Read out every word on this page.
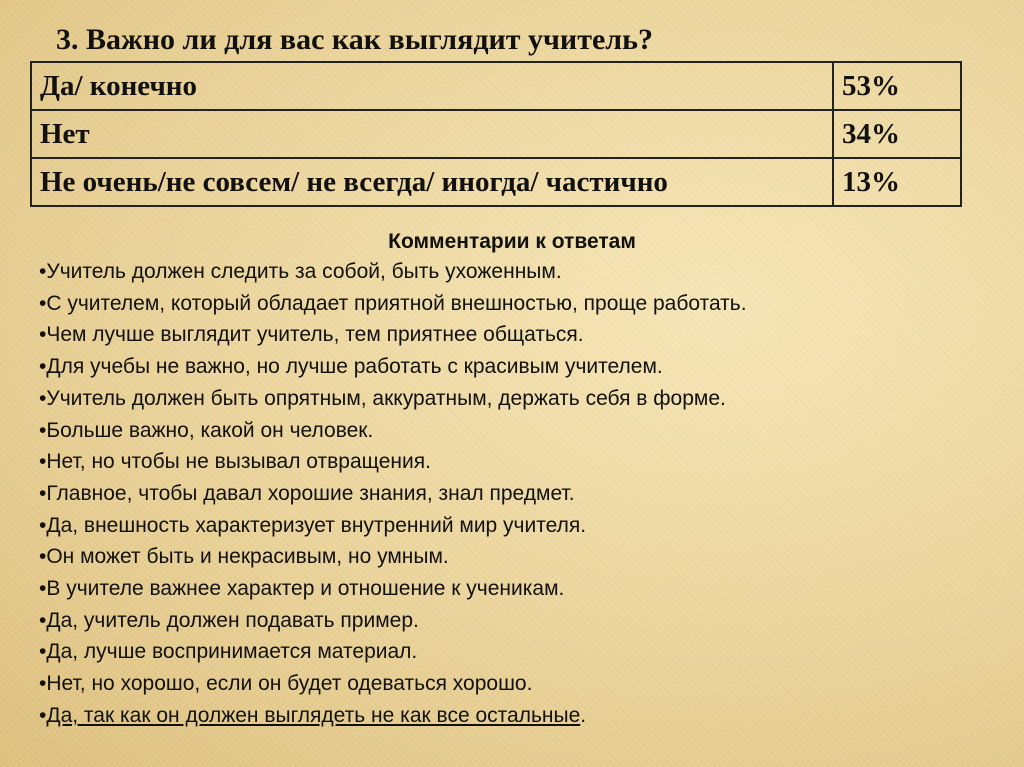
3. Важно ли для вас как выглядит учитель?
Да/ конечно	53%
Нет	34%
Не очень/не совсем/ не всегда/ иногда/ частично	13%
Комментарии к ответам
•Учитель должен следить за собой, быть ухоженным.
•С учителем, который обладает приятной внешностью, проще работать.
•Чем лучше выглядит учитель, тем приятнее общаться.
•Для учебы не важно, но лучше работать с красивым учителем.
•Учитель должен быть опрятным, аккуратным, держать себя в форме.
•Больше важно, какой он человек.
•Нет, но чтобы не вызывал отвращения.
•Главное, чтобы давал хорошие знания, знал предмет.
•Да, внешность характеризует внутренний мир учителя.
•Он может быть и некрасивым, но умным.
•В учителе важнее характер и отношение к ученикам.
•Да, учитель должен подавать пример.
•Да, лучше воспринимается материал.
•Нет, но хорошо, если он будет одеваться хорошо.
•Да, так как он должен выглядеть не как все остальные.
